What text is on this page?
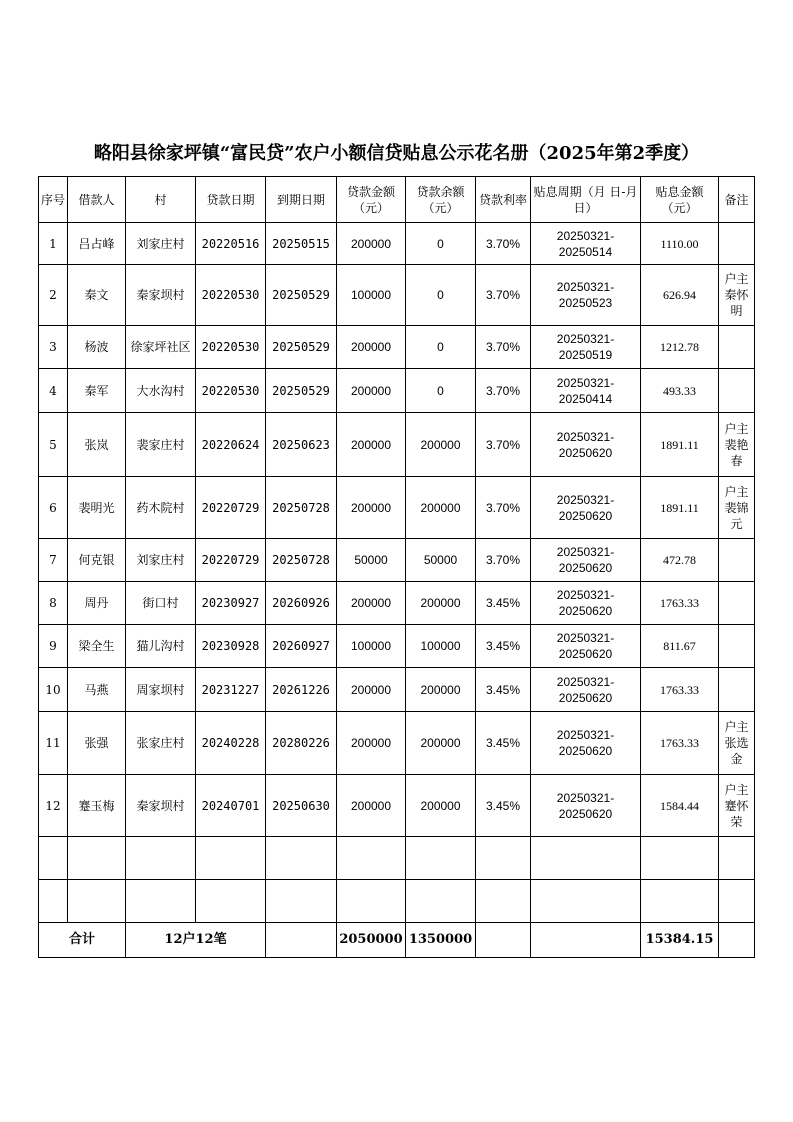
略阳县徐家坪镇“富民贷”农户小额信贷贴息公示花名册（2025年第2季度）
序号	借款人	村	贷款日期	到期日期	贷款金额（元）	贷款余额（元）	贷款利率	贴息周期（月 日-月 日）	贴息金额（元）	备注
1	吕占峰	刘家庄村	20220516	20250515	200000	0	3.70%	20250321-20250514	1110.00	
2	秦文	秦家坝村	20220530	20250529	100000	0	3.70%	20250321-20250523	626.94	户主秦怀明
3	杨波	徐家坪社区	20220530	20250529	200000	0	3.70%	20250321-20250519	1212.78	
4	秦军	大水沟村	20220530	20250529	200000	0	3.70%	20250321-20250414	493.33	
5	张岚	裴家庄村	20220624	20250623	200000	200000	3.70%	20250321-20250620	1891.11	户主裴艳春
6	裴明光	药木院村	20220729	20250728	200000	200000	3.70%	20250321-20250620	1891.11	户主裴锦元
7	何克银	刘家庄村	20220729	20250728	50000	50000	3.70%	20250321-20250620	472.78	
8	周丹	街口村	20230927	20260926	200000	200000	3.45%	20250321-20250620	1763.33	
9	梁全生	猫儿沟村	20230928	20260927	100000	100000	3.45%	20250321-20250620	811.67	
10	马燕	周家坝村	20231227	20261226	200000	200000	3.45%	20250321-20250620	1763.33	
11	张强	张家庄村	20240228	20280226	200000	200000	3.45%	20250321-20250620	1763.33	户主张选金
12	蹇玉梅	秦家坝村	20240701	20250630	200000	200000	3.45%	20250321-20250620	1584.44	户主蹇怀荣

合计		12户12笔			2050000	1350000			15384.15	
